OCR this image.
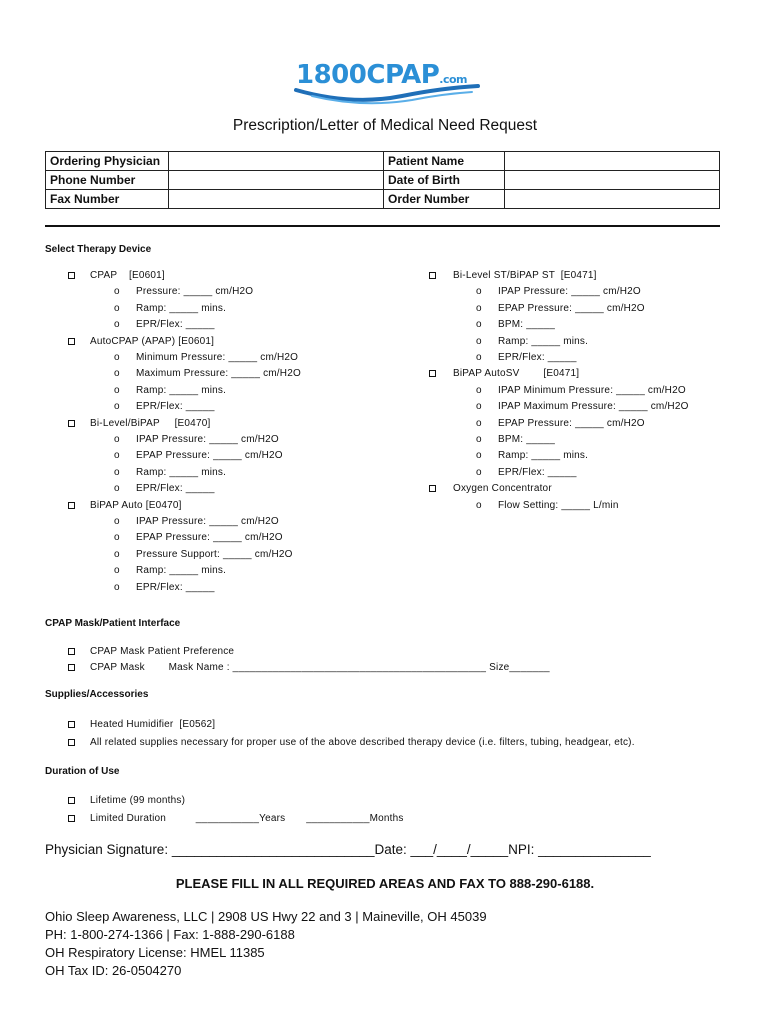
1800CPAP.com
Prescription/Letter of Medical Need Request
Ordering Physician		Patient Name	
Phone Number		Date of Birth	
Fax Number		Order Number	
Select Therapy Device
CPAP    [E0601]
o Pressure: _____ cm/H2O
o Ramp: _____ mins.
o EPR/Flex: _____
AutoCPAP (APAP) [E0601]
o Minimum Pressure: _____ cm/H2O
o Maximum Pressure: _____ cm/H2O
o Ramp: _____ mins.
o EPR/Flex: _____
Bi-Level/BiPAP     [E0470]
o IPAP Pressure: _____ cm/H2O
o EPAP Pressure: _____ cm/H2O
o Ramp: _____ mins.
o EPR/Flex: _____
BiPAP Auto [E0470]
o IPAP Pressure: _____ cm/H2O
o EPAP Pressure: _____ cm/H2O
o Pressure Support: _____ cm/H2O
o Ramp: _____ mins.
o EPR/Flex: _____
Bi-Level ST/BiPAP ST  [E0471]
o IPAP Pressure: _____ cm/H2O
o EPAP Pressure: _____ cm/H2O
o BPM: _____
o Ramp: _____ mins.
o EPR/Flex: _____
BiPAP AutoSV        [E0471]
o IPAP Minimum Pressure: _____ cm/H2O
o IPAP Maximum Pressure: _____ cm/H2O
o EPAP Pressure: _____ cm/H2O
o BPM: _____
o Ramp: _____ mins.
o EPR/Flex: _____
Oxygen Concentrator
o Flow Setting: _____ L/min
CPAP Mask/Patient Interface
CPAP Mask Patient Preference
CPAP Mask        Mask Name : ____________________________________________ Size_______
Supplies/Accessories
Heated Humidifier  [E0562]
All related supplies necessary for proper use of the above described therapy device (i.e. filters, tubing, headgear, etc).
Duration of Use
Lifetime (99 months)
Limited Duration          ___________Years       ___________Months
Physician Signature: ___________________________Date: ___/____/_____NPI: _______________
PLEASE FILL IN ALL REQUIRED AREAS AND FAX TO 888-290-6188.
Ohio Sleep Awareness, LLC | 2908 US Hwy 22 and 3 | Maineville, OH 45039
PH: 1-800-274-1366 | Fax: 1-888-290-6188
OH Respiratory License: HMEL 11385
OH Tax ID: 26-0504270
